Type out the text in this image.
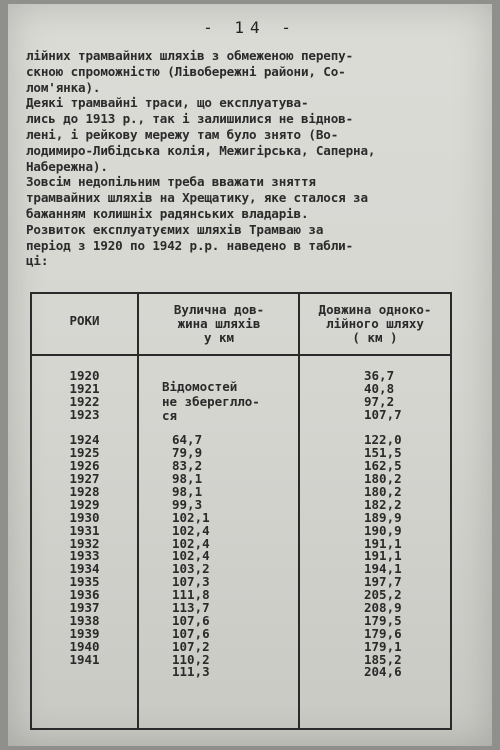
- 14 -
лійних трамвайних шляхів з обмеженою перепу-
скною спроможністю (Лівобережні райони, Со-
лом'янка).
Деякі трамвайні траси, що експлуатува-
лись до 1913 р., так і залишилися не віднов-
лені, і рейкову мережу там було знято (Во-
лодимиро-Либідська колія, Межигірська, Саперна,
Набережна).
Зовсім недопільним треба вважати зняття
трамвайних шляхів на Хрещатику, яке сталося за
бажанням колишніх радянських владарів.
Розвиток експлуатуємих шляхів Трамваю за
період з 1920 по 1942 р.р. наведено в табли-
ці:
РОКИ
Вулична дов-
жина шляхів
у км
Довжина одноко-
лійного шляху
( км )
Відомостей
не збереглло-
ся
1920
1921
1922
1923
1924
1925
1926
1927
1928
1929
1930
1931
1932
1933
1934
1935
1936
1937
1938
1939
1940
1941
64,7
79,9
83,2
98,1
98,1
99,3
102,1
102,4
102,4
102,4
103,2
107,3
111,8
113,7
107,6
107,6
107,2
110,2
111,3
36,7
40,8
97,2
107,7
122,0
151,5
162,5
180,2
180,2
182,2
189,9
190,9
191,1
191,1
194,1
197,7
205,2
208,9
179,5
179,6
179,1
185,2
204,6
